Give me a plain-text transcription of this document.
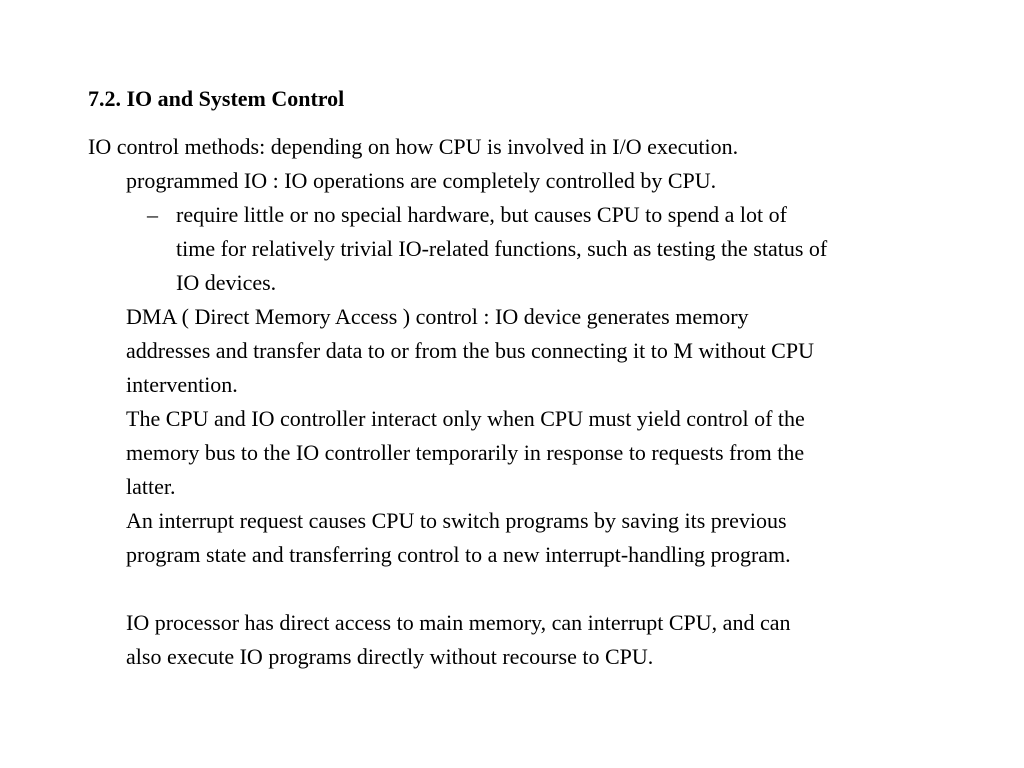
7.2. IO and System Control
IO control methods: depending on how CPU is involved in I/O execution.
programmed IO : IO operations are completely controlled by CPU.
– require little or no special hardware, but causes CPU to spend a lot of
time for relatively trivial IO-related functions, such as testing the status of
IO devices.
DMA ( Direct Memory Access ) control : IO device generates memory
addresses and transfer data to or from the bus connecting it to M without CPU
intervention.
The CPU and IO controller interact only when CPU must yield control of the
memory bus to the IO controller temporarily in response to requests from the
latter.
An interrupt request causes CPU to switch programs by saving its previous
program state and transferring control to a new interrupt-handling program.
IO processor has direct access to main memory, can interrupt CPU, and can
also execute IO programs directly without recourse to CPU.
